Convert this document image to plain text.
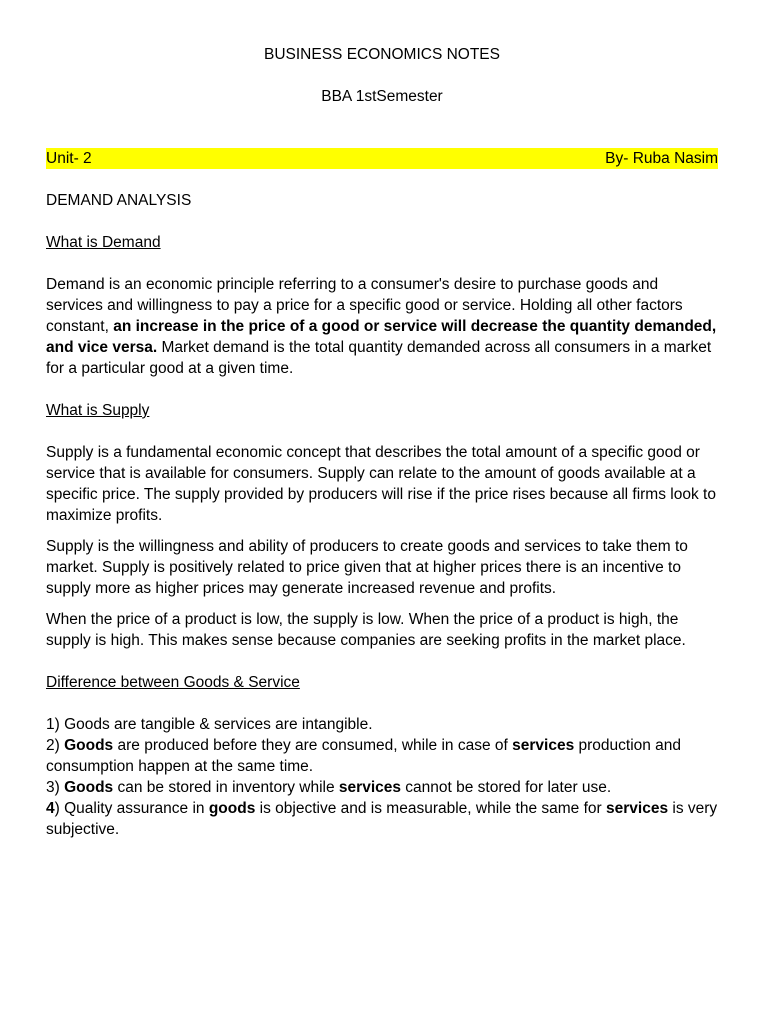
BUSINESS ECONOMICS NOTES
BBA 1stSemester
Unit- 2	By- Ruba Nasim
DEMAND ANALYSIS
What is Demand

Demand is an economic principle referring to a consumer's desire to purchase goods and services and willingness to pay a price for a specific good or service. Holding all other factors constant, an increase in the price of a good or service will decrease the quantity demanded, and vice versa. Market demand is the total quantity demanded across all consumers in a market for a particular good at a given time.

What is Supply

Supply is a fundamental economic concept that describes the total amount of a specific good or service that is available for consumers. Supply can relate to the amount of goods available at a specific price. The supply provided by producers will rise if the price rises because all firms look to maximize profits.

Supply is the willingness and ability of producers to create goods and services to take them to market. Supply is positively related to price given that at higher prices there is an incentive to supply more as higher prices may generate increased revenue and profits.

When the price of a product is low, the supply is low. When the price of a product is high, the supply is high. This makes sense because companies are seeking profits in the market place.

Difference between Goods & Service

1) Goods are tangible & services are intangible.

2) Goods are produced before they are consumed, while in case of services production and consumption happen at the same time.

3) Goods can be stored in inventory while services cannot be stored for later use.

4) Quality assurance in goods is objective and is measurable, while the same for services is very subjective.
